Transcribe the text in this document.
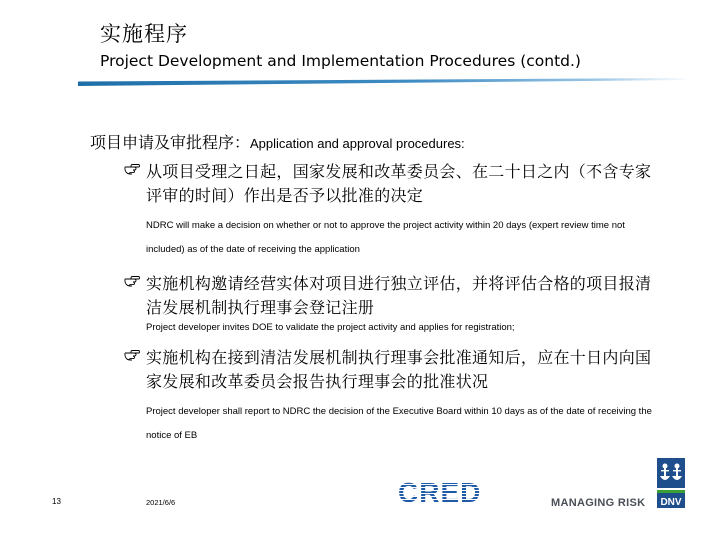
实施程序
Project Development and Implementation Procedures (contd.)
项目申请及审批程序：Application and approval procedures:
从项目受理之日起，国家发展和改革委员会、在二十日之内（不含专家评审的时间）作出是否予以批准的决定
NDRC will make a decision on whether or not to approve the project activity within 20 days (expert review time not included) as of the date of receiving the application
实施机构邀请经营实体对项目进行独立评估，并将评估合格的项目报清洁发展机制执行理事会登记注册
Project developer invites DOE to validate the project activity and applies for registration;
实施机构在接到清洁发展机制执行理事会批准通知后，应在十日内向国家发展和改革委员会报告执行理事会的批准状况
Project developer shall report to NDRC the decision of the Executive Board within 10 days as of the date of receiving the notice of EB
13	2021/6/6	CRED	MANAGING RISK DNV
